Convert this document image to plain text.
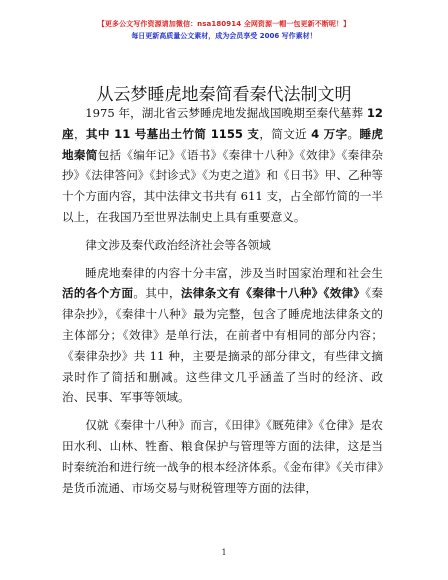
【更多公文写作资源请加微信：nsa180914 全网资源一帽一包更新不断呢！】
每日更新高质量公文素材，成为会员享受 2006 写作素材！
从云梦睡虎地秦简看秦代法制文明

1975 年，湖北省云梦睡虎地发掘战国晚期至秦代墓葬 12 座，其中 11 号墓出土竹简 1155 支，简文近 4 万字。睡虎地秦简包括《编年记》《语书》《秦律十八种》《效律》《秦律杂抄》《法律答问》《封诊式》《为吏之道》和《日书》甲、乙种等十个方面内容，其中法律文书共有 611 支，占全部竹简的一半以上，在我国乃至世界法制史上具有重要意义。

律文涉及秦代政治经济社会等各领域

睡虎地秦律的内容十分丰富，涉及当时国家治理和社会生活的各个方面。其中，法律条文有《秦律十八种》《效律》《秦律杂抄》，《秦律十八种》最为完整，包含了睡虎地法律条文的主体部分；《效律》是单行法，在前者中有相同的部分内容；《秦律杂抄》共 11 种，主要是摘录的部分律文，有些律文摘录时作了简括和删减。这些律文几乎涵盖了当时的经济、政治、民事、军事等领域。

仅就《秦律十八种》而言，《田律》《厩苑律》《仓律》是农田水利、山林、牲畜、粮食保护与管理等方面的法律，这是当时秦统治和进行统一战争的根本经济体系。《金布律》《关市律》是货币流通、市场交易与财税管理等方面的法律，

1
